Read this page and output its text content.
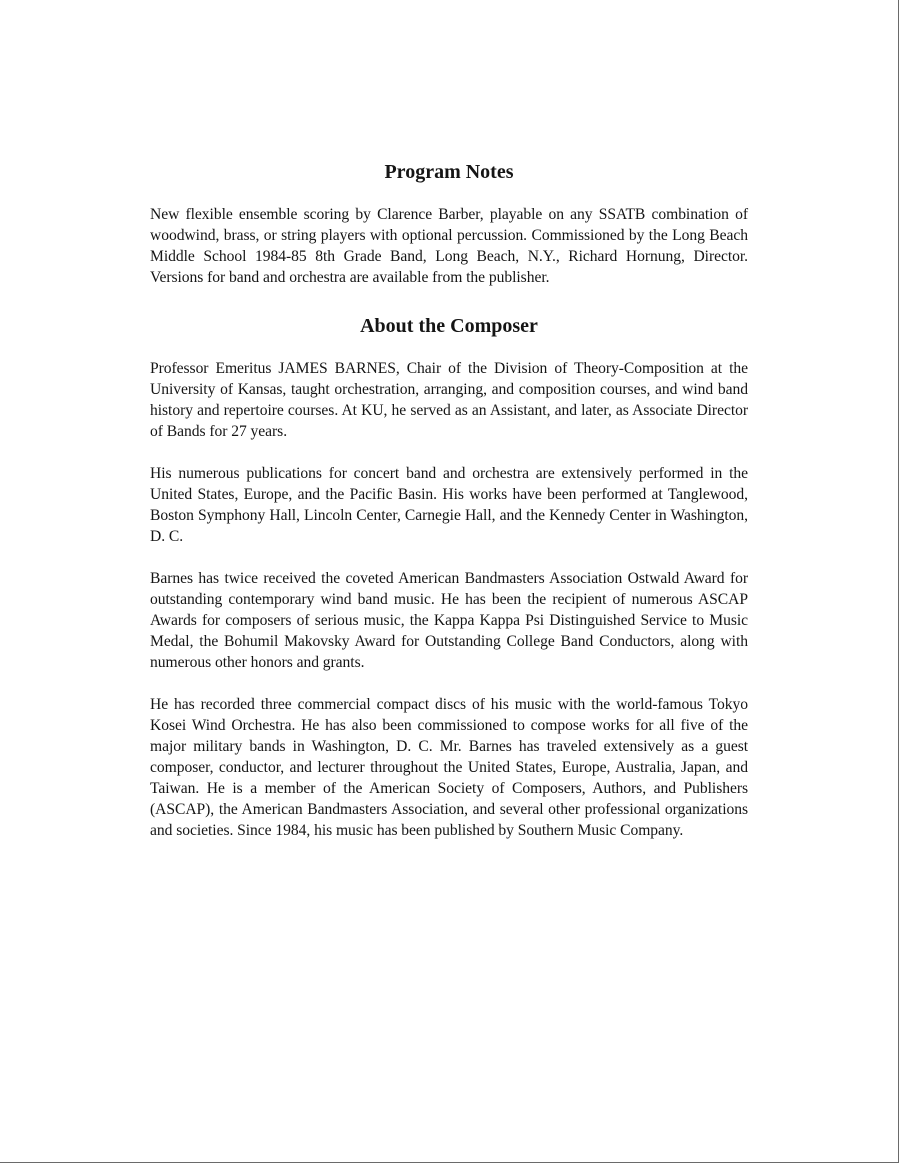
Program Notes

New flexible ensemble scoring by Clarence Barber, playable on any SSATB combination of woodwind, brass, or string players with optional percussion. Commissioned by the Long Beach Middle School 1984-85 8th Grade Band, Long Beach, N.Y., Richard Hornung, Director. Versions for band and orchestra are available from the publisher.

About the Composer

Professor Emeritus JAMES BARNES, Chair of the Division of Theory-Composition at the University of Kansas, taught orchestration, arranging, and composition courses, and wind band history and repertoire courses. At KU, he served as an Assistant, and later, as Associate Director of Bands for 27 years.

His numerous publications for concert band and orchestra are extensively performed in the United States, Europe, and the Pacific Basin. His works have been performed at Tanglewood, Boston Symphony Hall, Lincoln Center, Carnegie Hall, and the Kennedy Center in Washington, D. C.

Barnes has twice received the coveted American Bandmasters Association Ostwald Award for outstanding contemporary wind band music. He has been the recipient of numerous ASCAP Awards for composers of serious music, the Kappa Kappa Psi Distinguished Service to Music Medal, the Bohumil Makovsky Award for Outstanding College Band Conductors, along with numerous other honors and grants.

He has recorded three commercial compact discs of his music with the world-famous Tokyo Kosei Wind Orchestra. He has also been commissioned to compose works for all five of the major military bands in Washington, D. C. Mr. Barnes has traveled extensively as a guest composer, conductor, and lecturer throughout the United States, Europe, Australia, Japan, and Taiwan. He is a member of the American Society of Composers, Authors, and Publishers (ASCAP), the American Bandmasters Association, and several other professional organizations and societies. Since 1984, his music has been published by Southern Music Company.
